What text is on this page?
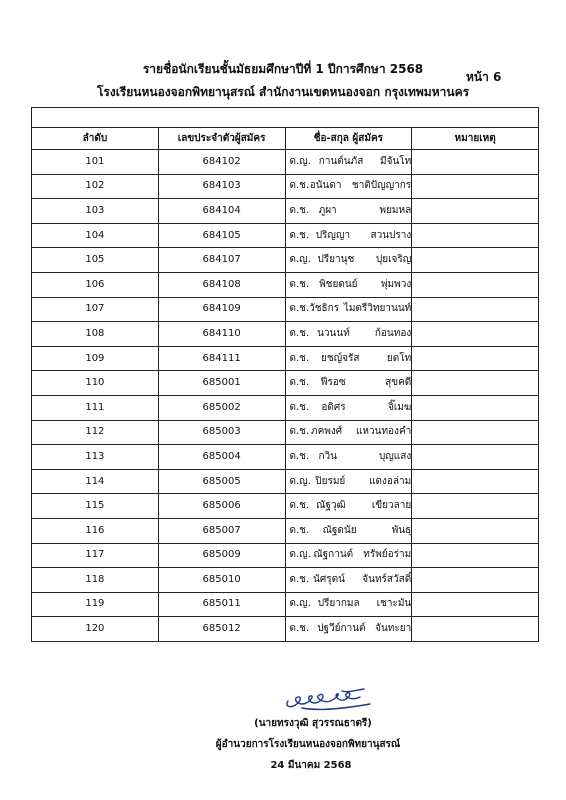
รายชื่อนักเรียนชั้นมัธยมศึกษาปีที่ 1 ปีการศึกษา 2568
หน้า 6
โรงเรียนหนองจอกพิทยานุสรณ์ สำนักงานเขตหนองจอก กรุงเทพมหานคร

ลำดับ	เลขประจำตัวผู้สมัคร	ชื่อ-สกุล ผู้สมัคร	หมายเหตุ
101	684102	ด.ญ. กานต์นภัส มีจันโท	

102	684103	ด.ช. อนันดา ชาติปัญญากร	

103	684104	ด.ช. ภูผา พยมหล	

104	684105	ด.ช. ปริญญา สวนปราง	

105	684107	ด.ญ. ปรียานุช ปุยเจริญ	

106	684108	ด.ช. พิชยดนย์ พุ่มพวง	

107	684109	ด.ช. วัชธิกร ไมตรีวิทยานนท์	

108	684110	ด.ช. นวนนท์ ก้อนทอง	

109	684111	ด.ช. ยชญ์จรัส ยดโท	

110	685001	ด.ช. ฟีรอซ สุขคดี	

111	685002	ด.ช. อดิศร จิ๊เมฆ	

112	685003	ด.ช. ภคพงศ์ แหวนทองคำ	

113	685004	ด.ช. กวิน บุญแสง	

114	685005	ด.ญ. ปิยรมย์ แดงอล่าม	

115	685006	ด.ช. ณัฐวุฒิ เขียวลาย	

116	685007	ด.ช. ณัฐดนัย พันธุ	

117	685009	ด.ญ. ณัฐกานต์ ทรัพย์อร่าม	

118	685010	ด.ช. นัศรุตน์ จันทร์สวัสดิ์	

119	685011	ด.ญ. ปรียากมล เชาะมัน	

120	685012	ด.ช. ปฐวีย์กานต์ จันทะยา	

(นายทรงวุฒิ สุวรรณธาตรี)
ผู้อำนวยการโรงเรียนหนองจอกพิทยานุสรณ์
24 มีนาคม 2568
